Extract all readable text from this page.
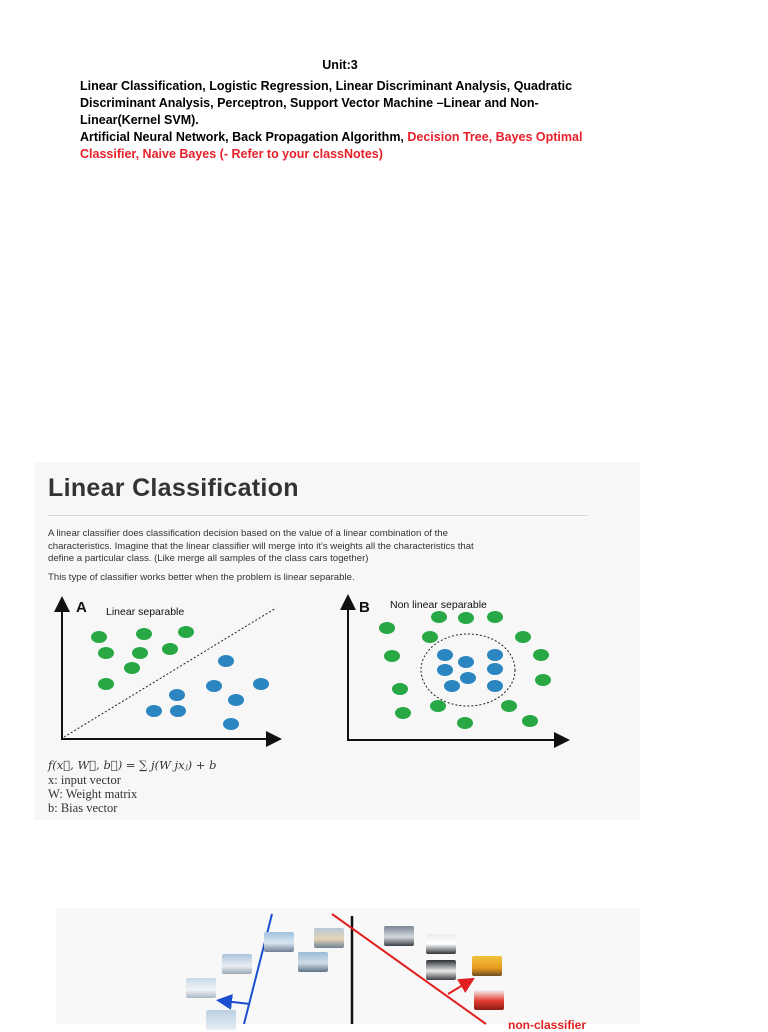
Unit:3

Linear Classification, Logistic Regression, Linear Discriminant Analysis, Quadratic
Discriminant Analysis, Perceptron, Support Vector Machine –Linear and Non-
Linear(Kernel SVM).
Artificial Neural Network, Back Propagation Algorithm, Decision Tree, Bayes Optimal
Classifier, Naive Bayes (- Refer to your classNotes)

Linear Classification

A linear classifier does classification decision based on the value of a linear combination of the
characteristics. Imagine that the linear classifier will merge into it's weights all the characteristics that
define a particular class. (Like merge all samples of the class cars together)

This type of classifier works better when the problem is linear separable.

A Linear separable	B Non linear separable
f(x⃗, W⃗, b⃗) = ∑ j(W jxⱼ) + b
x: input vector
W: Weight matrix
b: Bias vector
non-classifier
